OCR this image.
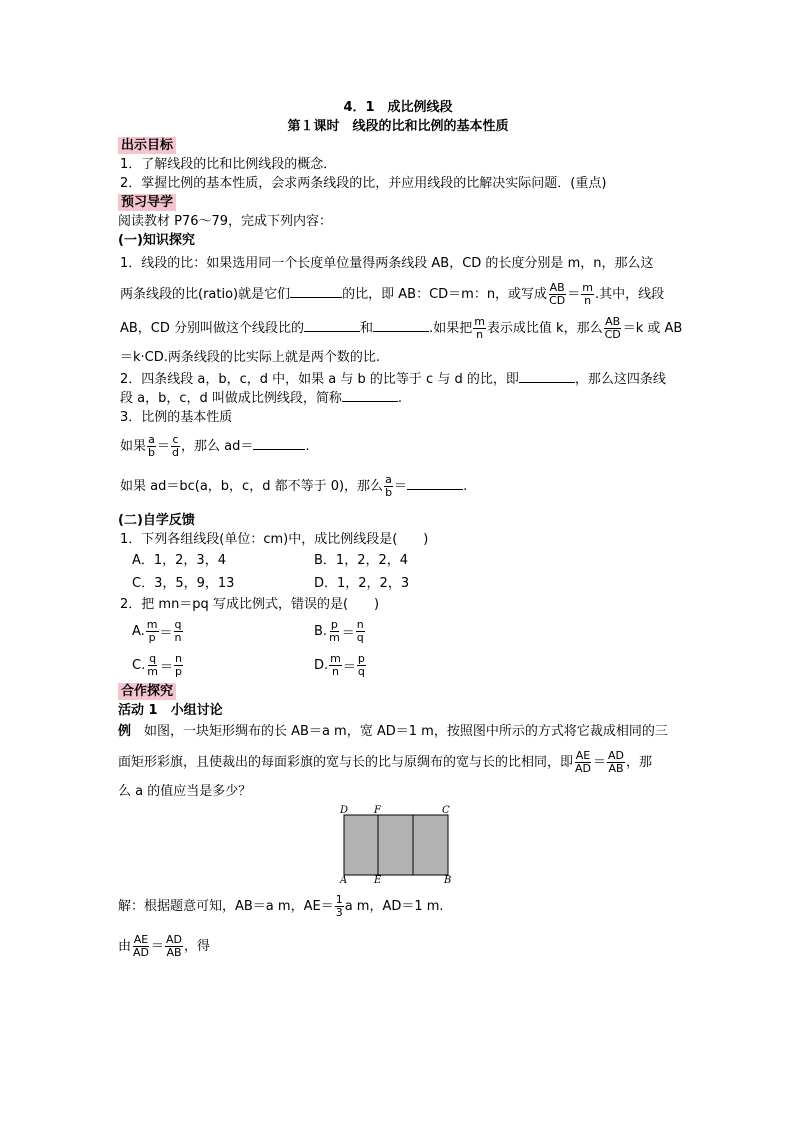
4．1　成比例线段
第１课时　线段的比和比例的基本性质
出示目标
1．了解线段的比和比例线段的概念．
2．掌握比例的基本性质，会求两条线段的比，并应用线段的比解决实际问题．(重点)
预习导学
阅读教材 P76～79，完成下列内容：
(一)知识探究
1．线段的比：如果选用同一个长度单位量得两条线段 AB，CD 的长度分别是 m，n，那么这
两条线段的比(ratio)就是它们	的比，即 AB：CD＝m：n，或写成 $\frac{AB}{CD} = \frac{m}{n}$ .其中，线段
AB，CD 分别叫做这个线段比的	和	.如果把 $\frac{m}{n}$ 表示成比值 k，那么 $\frac{AB}{CD} =k$ 或 AB
＝k·CD.两条线段的比实际上就是两个数的比.
2．四条线段 a，b，c，d 中，如果 a 与 b 的比等于 c 与 d 的比，即	，那么这四条线
段 a，b，c，d 叫做成比例线段，简称	.
3．比例的基本性质
如果 $\frac{a}{b} = \frac{c}{d}$ ，那么 ad＝	.
如果 ad＝bc(a，b，c，d 都不等于 0)，那么 $\frac{a}{b}$ ＝	.
(二)自学反馈
1．下列各组线段(单位：cm)中，成比例线段是(　　)
A．1，2，3，4	B．1，2，2，4
C．3，5，9，13	D．1，2，2，3
2．把 mn＝pq 写成比例式，错误的是(　　)
A. $\frac{m}{p} = \frac{q}{n}$	B. $\frac{p}{m} = \frac{n}{q}$
C. $\frac{q}{m} = \frac{n}{p}$	D. $\frac{m}{n} = \frac{p}{q}$
合作探究
活动 1　小组讨论
例　如图，一块矩形绸布的长 AB＝a m，宽 AD＝1 m，按照图中所示的方式将它裁成相同的三
面矩形彩旗，且使裁出的每面彩旗的宽与长的比与原绸布的宽与长的比相同，即 $\frac{AE}{AD} = \frac{AD}{AB}$ ，那
么 a 的值应当是多少？
D	F	C
A	E	B
解：根据题意可知，AB＝a m，$AE= \frac{1}{3}$ a m，AD＝1 m.
由 $\frac{AE}{AD} = \frac{AD}{AB}$ ，得
